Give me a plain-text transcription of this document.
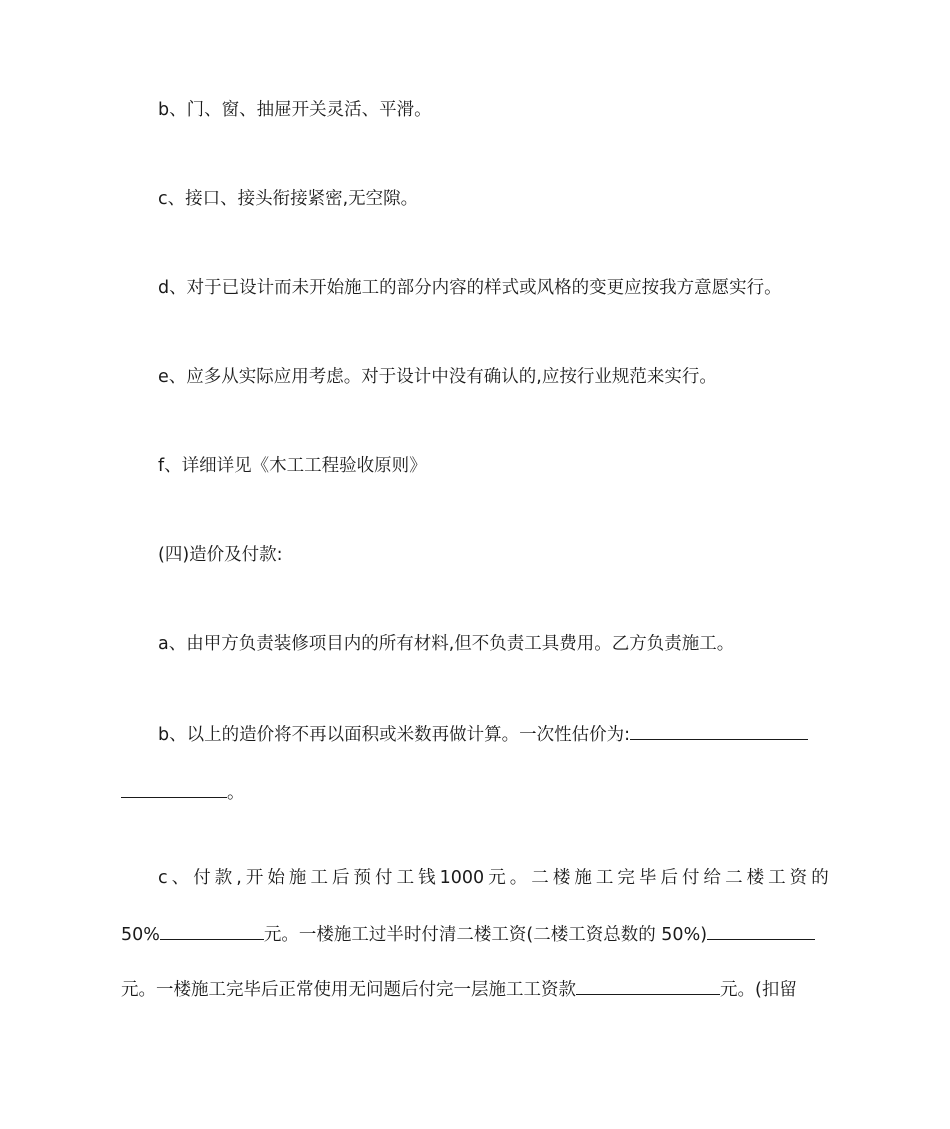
b、门、窗、抽屉开关灵活、平滑。
c、接口、接头衔接紧密,无空隙。
d、对于已设计而未开始施工的部分内容的样式或风格的变更应按我方意愿实行。
e、应多从实际应用考虑。对于设计中没有确认的,应按行业规范来实行。
f、详细详见《木工工程验收原则》
(四)造价及付款:
a、由甲方负责装修项目内的所有材料,但不负责工具费用。乙方负责施工。
b、以上的造价将不再以面积或米数再做计算。一次性估价为:
。
c 、 付 款 , 开 始 施 工 后 预 付 工 钱 1000 元 。 二 楼 施 工 完 毕 后 付 给 二 楼 工 资 的
50%	元。一楼施工过半时付清二楼工资(二楼工资总数的 50%)
元。一楼施工完毕后正常使用无问题后付完一层施工工资款	元。(扣留
